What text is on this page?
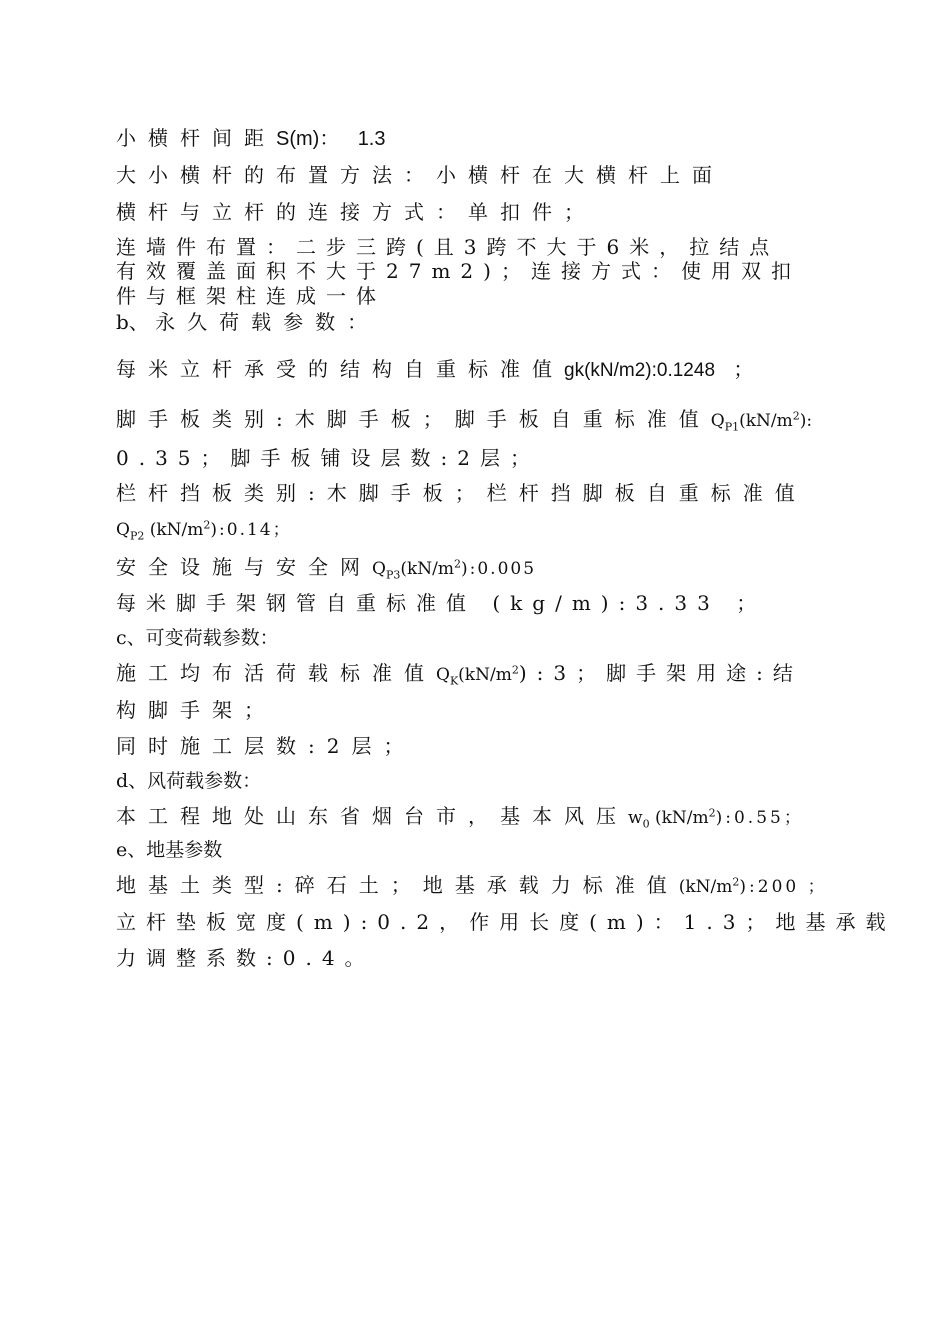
小横杆间距S(m)： 1.3

大小横杆的布置方法：小横杆在大横杆上面

横杆与立杆的连接方式：单扣件；

连墙件布置：二步三跨(且3跨不大于6米，拉结点

有效覆盖面积不大于27m2)；连接方式：使用双扣

件与框架柱连成一体

b、 永久荷载参数：

每米立杆承受的结构自重标准值gk(kN/m2):0.1248 ；

脚手板类别:木脚手板；脚手板自重标准值$Q_{P1}(kN/m^2)$:

0.35；脚手板铺设层数:2层；

栏杆挡板类别:木脚手板；栏杆挡脚板自重标准值

$Q_{P2}$ $(kN/m^2):0.14$；

安全设施与安全网$Q_{P3}(kN/m^2):0.005$

每米脚手架钢管自重标准值 (kg/m):3.33 ；

c、可变荷载参数：

施工均布活荷载标准值$Q_K(kN/m^2):3$；脚手架用途:结

构脚手架；

同时施工层数:2层；

d、风荷载参数：

本工程地处山东省烟台市，基本风压$w_0$ $(kN/m^2):0.55$；

e、地基参数

地基土类型:碎石土；地基承载力标准值$(kN/m^2):200$ ；

立杆垫板宽度(m):0.2，作用长度(m)：1.3；地基承载

力调整系数:0.4。
